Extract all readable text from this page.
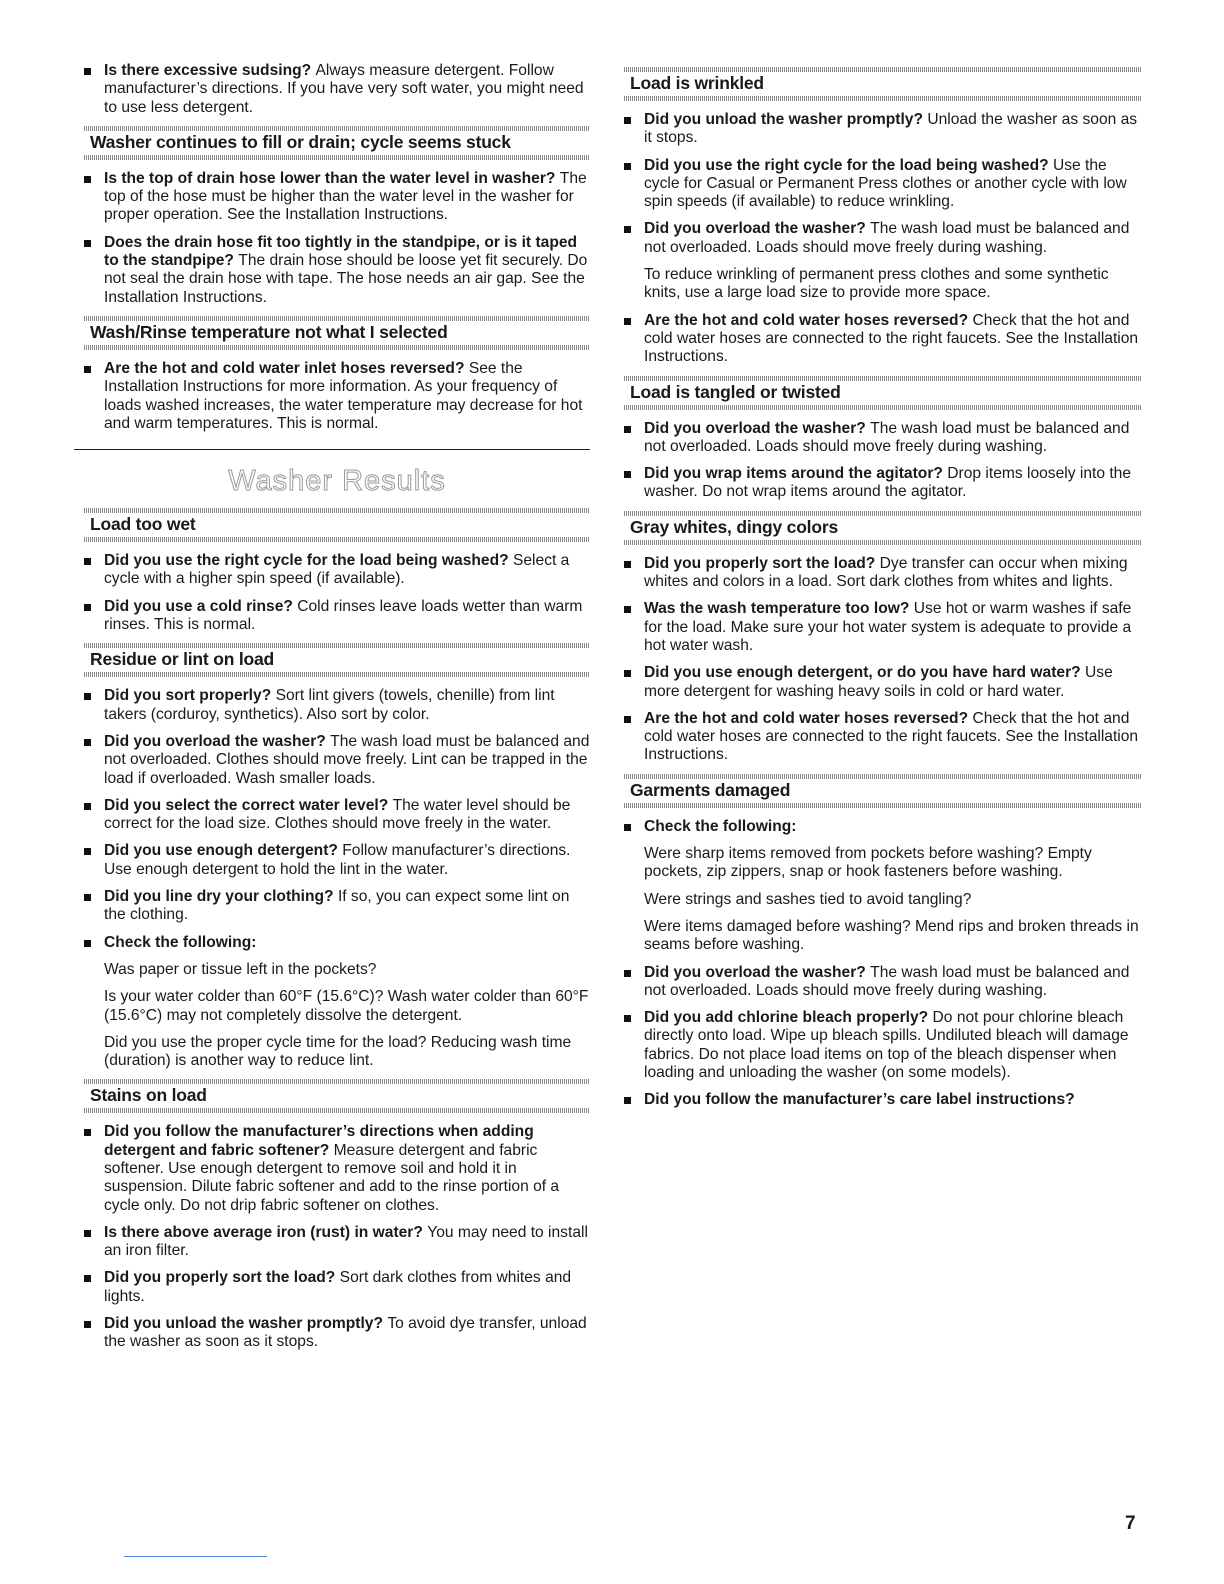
Is there excessive sudsing? Always measure detergent. Follow manufacturer’s directions. If you have very soft water, you might need to use less detergent.
Washer continues to fill or drain; cycle seems stuck
Is the top of drain hose lower than the water level in washer? The top of the hose must be higher than the water level in the washer for proper operation. See the Installation Instructions.
Does the drain hose fit too tightly in the standpipe, or is it taped to the standpipe? The drain hose should be loose yet fit securely. Do not seal the drain hose with tape. The hose needs an air gap. See the Installation Instructions.
Wash/Rinse temperature not what I selected
Are the hot and cold water inlet hoses reversed? See the Installation Instructions for more information. As your frequency of loads washed increases, the water temperature may decrease for hot and warm temperatures. This is normal.
Washer Results
Load too wet
Did you use the right cycle for the load being washed? Select a cycle with a higher spin speed (if available).
Did you use a cold rinse? Cold rinses leave loads wetter than warm rinses. This is normal.
Residue or lint on load
Did you sort properly? Sort lint givers (towels, chenille) from lint takers (corduroy, synthetics). Also sort by color.
Did you overload the washer? The wash load must be balanced and not overloaded. Clothes should move freely. Lint can be trapped in the load if overloaded. Wash smaller loads.
Did you select the correct water level? The water level should be correct for the load size. Clothes should move freely in the water.
Did you use enough detergent? Follow manufacturer’s directions. Use enough detergent to hold the lint in the water.
Did you line dry your clothing? If so, you can expect some lint on the clothing.
Check the following:
Was paper or tissue left in the pockets?
Is your water colder than 60°F (15.6°C)? Wash water colder than 60°F (15.6°C) may not completely dissolve the detergent.
Did you use the proper cycle time for the load? Reducing wash time (duration) is another way to reduce lint.
Stains on load
Did you follow the manufacturer’s directions when adding detergent and fabric softener? Measure detergent and fabric softener. Use enough detergent to remove soil and hold it in suspension. Dilute fabric softener and add to the rinse portion of a cycle only. Do not drip fabric softener on clothes.
Is there above average iron (rust) in water? You may need to install an iron filter.
Did you properly sort the load? Sort dark clothes from whites and lights.
Did you unload the washer promptly? To avoid dye transfer, unload the washer as soon as it stops.
Load is wrinkled
Did you unload the washer promptly? Unload the washer as soon as it stops.
Did you use the right cycle for the load being washed? Use the cycle for Casual or Permanent Press clothes or another cycle with low spin speeds (if available) to reduce wrinkling.
Did you overload the washer? The wash load must be balanced and not overloaded. Loads should move freely during washing.
To reduce wrinkling of permanent press clothes and some synthetic knits, use a large load size to provide more space.
Are the hot and cold water hoses reversed? Check that the hot and cold water hoses are connected to the right faucets. See the Installation Instructions.
Load is tangled or twisted
Did you overload the washer? The wash load must be balanced and not overloaded. Loads should move freely during washing.
Did you wrap items around the agitator? Drop items loosely into the washer. Do not wrap items around the agitator.
Gray whites, dingy colors
Did you properly sort the load? Dye transfer can occur when mixing whites and colors in a load. Sort dark clothes from whites and lights.
Was the wash temperature too low? Use hot or warm washes if safe for the load. Make sure your hot water system is adequate to provide a hot water wash.
Did you use enough detergent, or do you have hard water? Use more detergent for washing heavy soils in cold or hard water.
Are the hot and cold water hoses reversed? Check that the hot and cold water hoses are connected to the right faucets. See the Installation Instructions.
Garments damaged
Check the following:
Were sharp items removed from pockets before washing? Empty pockets, zip zippers, snap or hook fasteners before washing.
Were strings and sashes tied to avoid tangling?
Were items damaged before washing? Mend rips and broken threads in seams before washing.
Did you overload the washer? The wash load must be balanced and not overloaded. Loads should move freely during washing.
Did you add chlorine bleach properly? Do not pour chlorine bleach directly onto load. Wipe up bleach spills. Undiluted bleach will damage fabrics. Do not place load items on top of the bleach dispenser when loading and unloading the washer (on some models).
Did you follow the manufacturer’s care label instructions?
7
